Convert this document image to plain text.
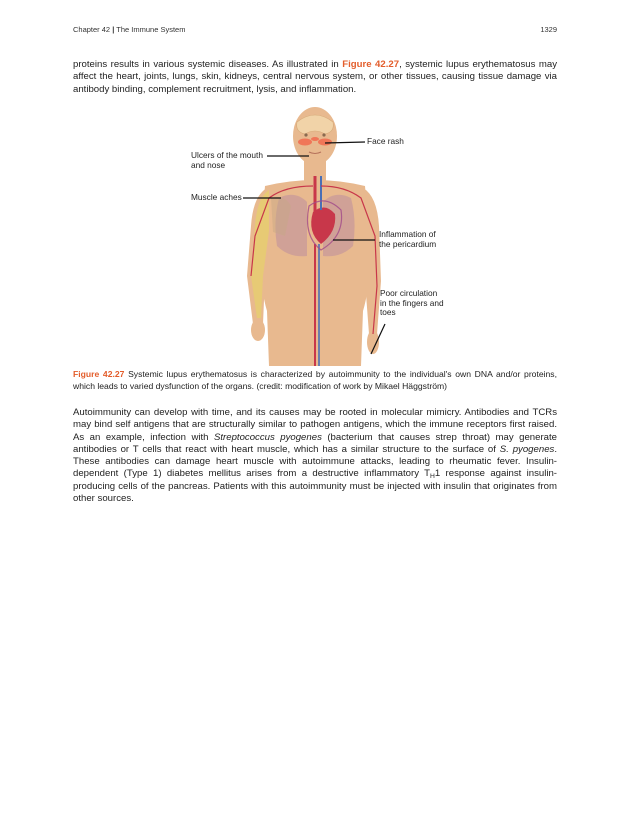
Chapter 42 | The Immune System	1329

proteins results in various systemic diseases. As illustrated in Figure 42.27, systemic lupus erythematosus may affect the heart, joints, lungs, skin, kidneys, central nervous system, or other tissues, causing tissue damage via antibody binding, complement recruitment, lysis, and inflammation.

Face rash

Ulcers of the mouth and nose

Muscle aches

Inflammation of the pericardium

Poor circulation in the fingers and toes

Figure 42.27 Systemic lupus erythematosus is characterized by autoimmunity to the individual's own DNA and/or proteins, which leads to varied dysfunction of the organs. (credit: modification of work by Mikael Häggström)

Autoimmunity can develop with time, and its causes may be rooted in molecular mimicry. Antibodies and TCRs may bind self antigens that are structurally similar to pathogen antigens, which the immune receptors first raised. As an example, infection with Streptococcus pyogenes (bacterium that causes strep throat) may generate antibodies or T cells that react with heart muscle, which has a similar structure to the surface of S. pyogenes. These antibodies can damage heart muscle with autoimmune attacks, leading to rheumatic fever. Insulin-dependent (Type 1) diabetes mellitus arises from a destructive inflammatory $T_H1$ response against insulin-producing cells of the pancreas. Patients with this autoimmunity must be injected with insulin that originates from other sources.
